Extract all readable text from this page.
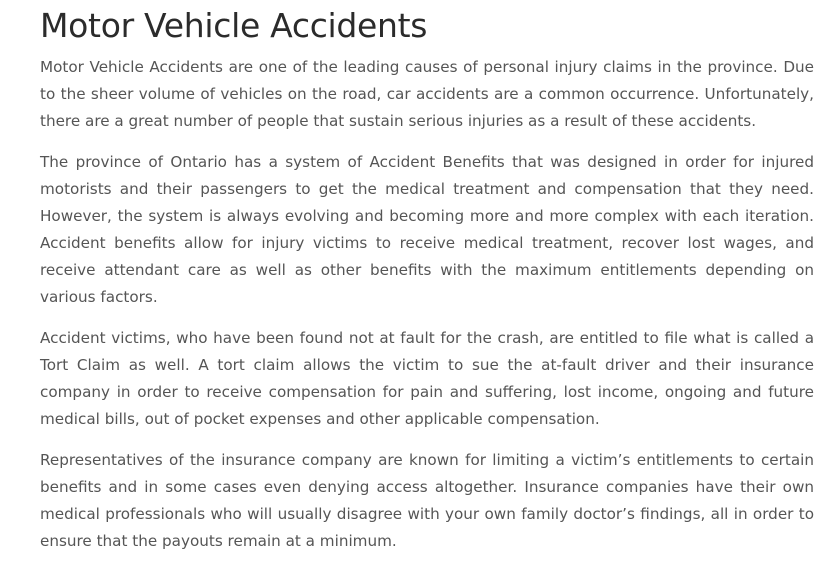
Motor Vehicle Accidents

Motor Vehicle Accidents are one of the leading causes of personal injury claims in the province. Due to the sheer volume of vehicles on the road, car accidents are a common occurrence. Unfortunately, there are a great number of people that sustain serious injuries as a result of these accidents.

The province of Ontario has a system of Accident Benefits that was designed in order for injured motorists and their passengers to get the medical treatment and compensation that they need. However, the system is always evolving and becoming more and more complex with each iteration. Accident benefits allow for injury victims to receive medical treatment, recover lost wages, and receive attendant care as well as other benefits with the maximum entitlements depending on various factors.

Accident victims, who have been found not at fault for the crash, are entitled to file what is called a Tort Claim as well. A tort claim allows the victim to sue the at-fault driver and their insurance company in order to receive compensation for pain and suffering, lost income, ongoing and future medical bills, out of pocket expenses and other applicable compensation.

Representatives of the insurance company are known for limiting a victim’s entitlements to certain benefits and in some cases even denying access altogether. Insurance companies have their own medical professionals who will usually disagree with your own family doctor’s findings, all in order to ensure that the payouts remain at a minimum.
